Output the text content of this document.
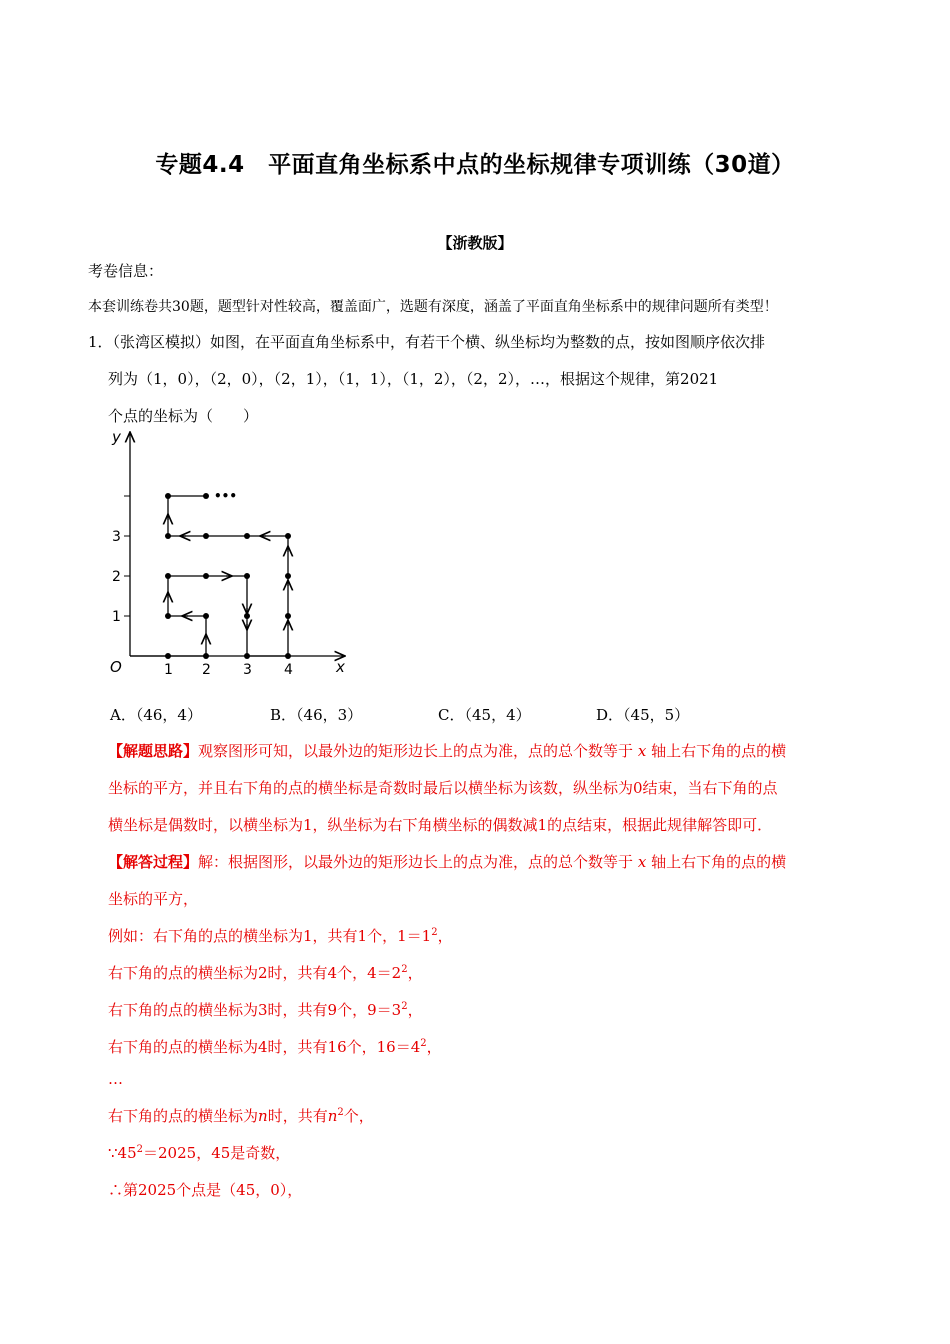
专题4.4　平面直角坐标系中点的坐标规律专项训练（30道）
【浙教版】
考卷信息：
本套训练卷共30题，题型针对性较高，覆盖面广，选题有深度，涵盖了平面直角坐标系中的规律问题所有类型！
1．（张湾区模拟）如图，在平面直角坐标系中，有若干个横、纵坐标均为整数的点，按如图顺序依次排
列为（1，0），（2，0），（2，1），（1，1），（1，2），（2，2），…，根据这个规律，第2021
个点的坐标为（　　）
y
x
O	1 2 3 4
1
2
3
•••
A．（46，4）	B．（46，3）	C．（45，4）	D．（45，5）
【解题思路】观察图形可知，以最外边的矩形边长上的点为准，点的总个数等于 x 轴上右下角的点的横
坐标的平方，并且右下角的点的横坐标是奇数时最后以横坐标为该数，纵坐标为0结束，当右下角的点
横坐标是偶数时，以横坐标为1，纵坐标为右下角横坐标的偶数减1的点结束，根据此规律解答即可．
【解答过程】解：根据图形，以最外边的矩形边长上的点为准，点的总个数等于 x 轴上右下角的点的横
坐标的平方，
例如：右下角的点的横坐标为1，共有1个，$1=1^2$，
右下角的点的横坐标为2时，共有4个，$4=2^2$，
右下角的点的横坐标为3时，共有9个，$9=3^2$，
右下角的点的横坐标为4时，共有16个，$16=4^2$，
…
右下角的点的横坐标为n时，共有$n^2$个，
$\because 45^2=2025$，45是奇数，
∴第2025个点是（45，0），
